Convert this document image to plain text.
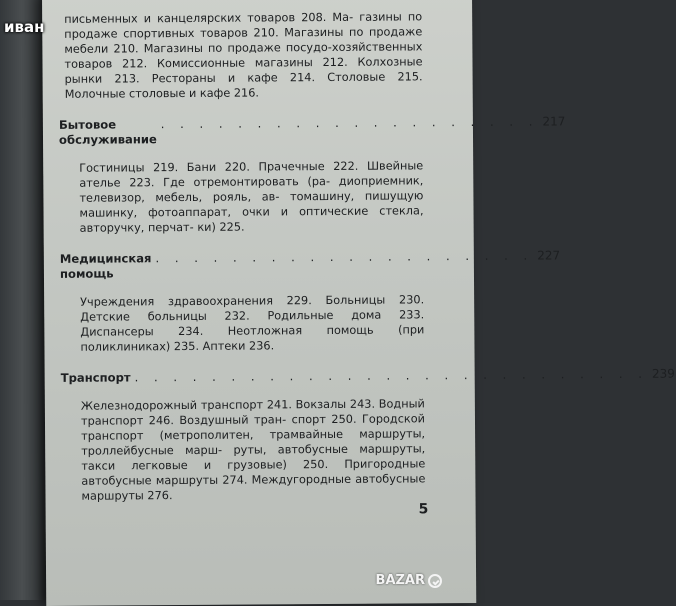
письменных и канцелярских товаров 208. Ма- газины по продаже спортивных товаров 210. Магазины по продаже мебели 210. Магазины по продаже посудо-хозяйственных товаров 212. Комиссионные магазины 212. Колхозные рынки 213. Рестораны и кафе 214. Столовые 215. Молочные столовые и кафе 216.

Бытовое обслуживание
. . . . . . . . . . . . . . . . . . . . 217

Гостиницы 219. Бани 220. Прачечные 222. Швейные ателье 223. Где отремонтировать (ра- диоприемник, телевизор, мебель, рояль, ав- томашину, пишущую машинку, фотоаппарат, очки и оптические стекла, авторучку, перчат- ки) 225.

Медицинская помощь
. . . . . . . . . . . . . . . . . . . . 227

Учреждения здравоохранения 229. Больницы 230. Детские больницы 232. Родильные дома 233. Диспансеры 234. Неотложная помощь (при поликлиниках) 235. Аптеки 236.

Транспорт . . . . . . . . . . . . . . . . . . . . . . . . . . . 239

Железнодорожный транспорт 241. Вокзалы 243. Водный транспорт 246. Воздушный тран- спорт 250. Городской транспорт (метрополитен, трамвайные маршруты, троллейбусные марш- руты, автобусные маршруты, такси легковые и грузовые) 250. Пригородные автобусные маршруты 274. Междугородные автобусные маршруты 276.

5
иван
BAZAR
